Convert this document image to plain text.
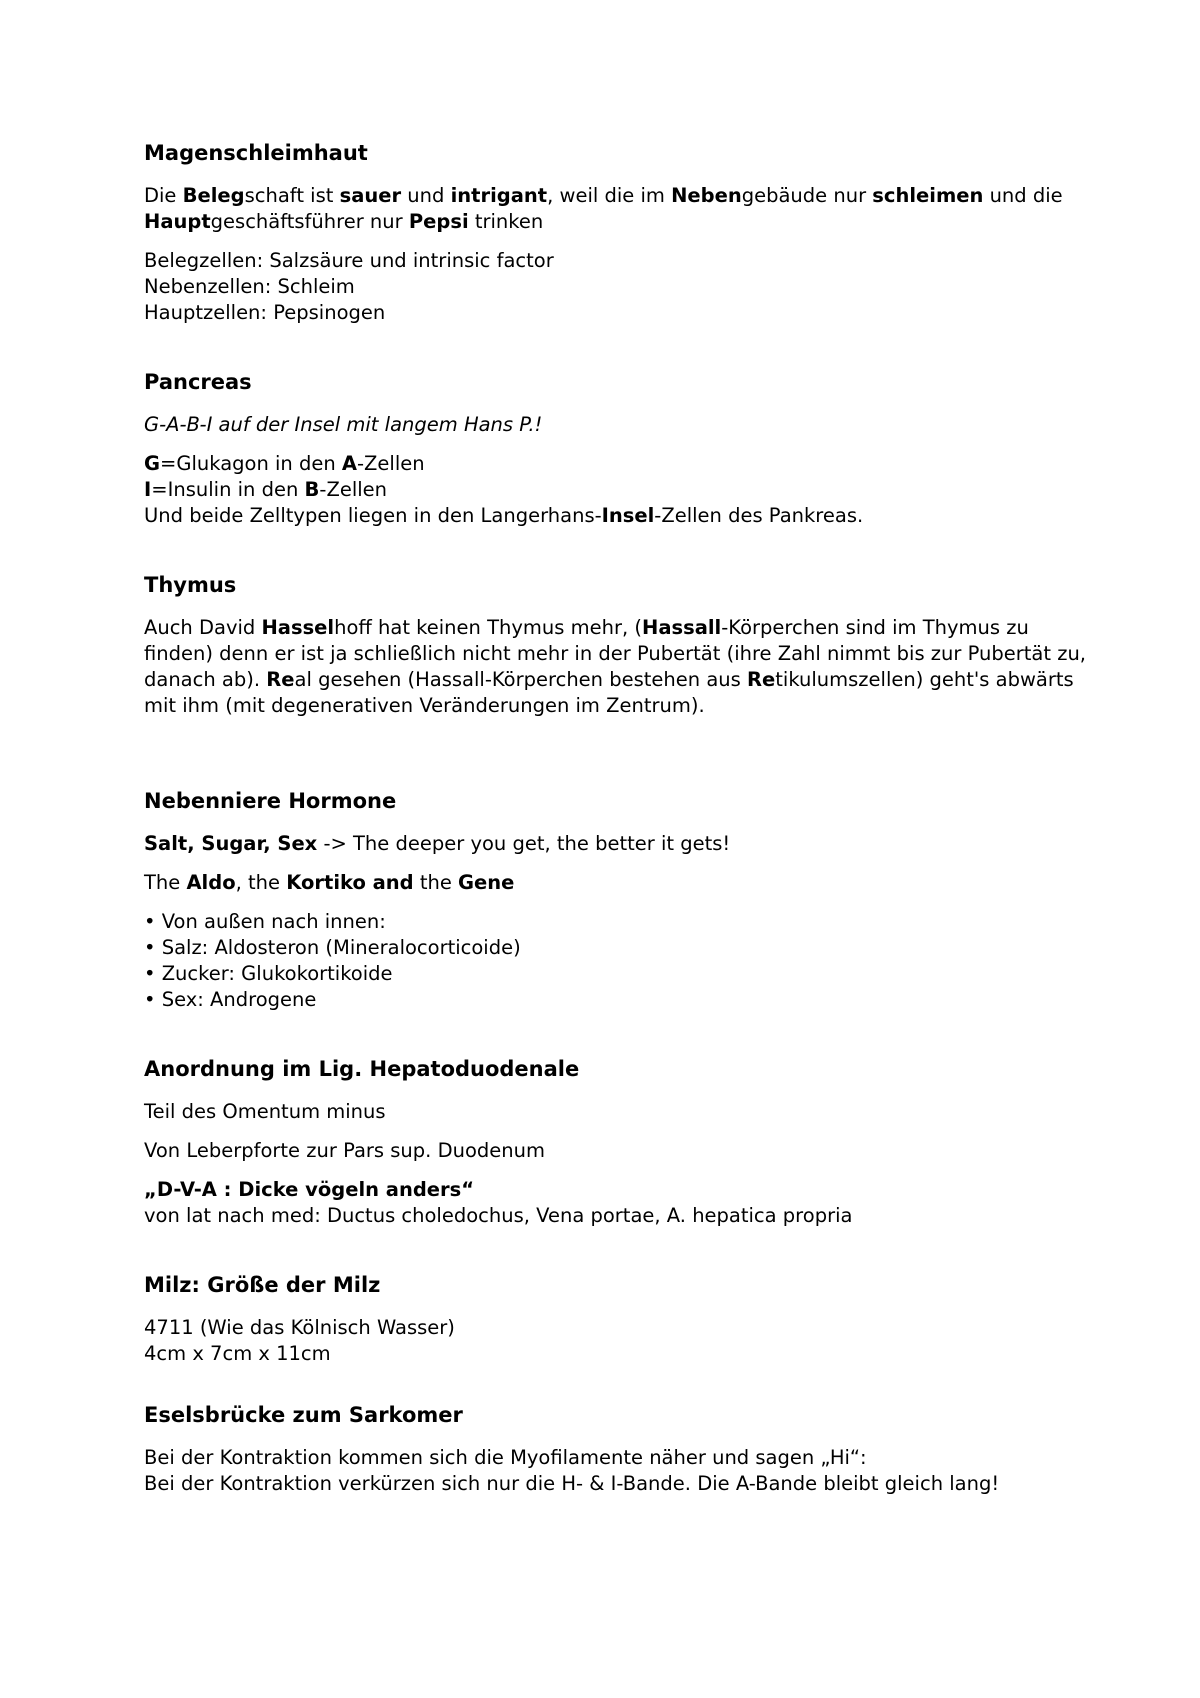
Magenschleimhaut
Die Belegschaft ist sauer und intrigant, weil die im Nebengebäude nur schleimen und die Hauptgeschäftsführer nur Pepsi trinken
Belegzellen: Salzsäure und intrinsic factor
Nebenzellen: Schleim
Hauptzellen: Pepsinogen
Pancreas
G-A-B-I auf der Insel mit langem Hans P.!
G=Glukagon in den A-Zellen
I=Insulin in den B-Zellen
Und beide Zelltypen liegen in den Langerhans-Insel-Zellen des Pankreas.
Thymus
Auch David Hasselhoff hat keinen Thymus mehr, (Hassall-Körperchen sind im Thymus zu finden) denn er ist ja schließlich nicht mehr in der Pubertät (ihre Zahl nimmt bis zur Pubertät zu, danach ab). Real gesehen (Hassall-Körperchen bestehen aus Retikulumszellen) geht's abwärts mit ihm (mit degenerativen Veränderungen im Zentrum).
Nebenniere Hormone
Salt, Sugar, Sex -> The deeper you get, the better it gets!
The Aldo, the Kortiko and the Gene
• Von außen nach innen:
• Salz: Aldosteron (Mineralocorticoide)
• Zucker: Glukokortikoide
• Sex: Androgene
Anordnung im Lig. Hepatoduodenale
Teil des Omentum minus
Von Leberpforte zur Pars sup. Duodenum
„D-V-A : Dicke vögeln anders“
von lat nach med: Ductus choledochus, Vena portae, A. hepatica propria
Milz: Größe der Milz
4711 (Wie das Kölnisch Wasser)
4cm x 7cm x 11cm
Eselsbrücke zum Sarkomer
Bei der Kontraktion kommen sich die Myofilamente näher und sagen „Hi“:
Bei der Kontraktion verkürzen sich nur die H- & I-Bande. Die A-Bande bleibt gleich lang!
